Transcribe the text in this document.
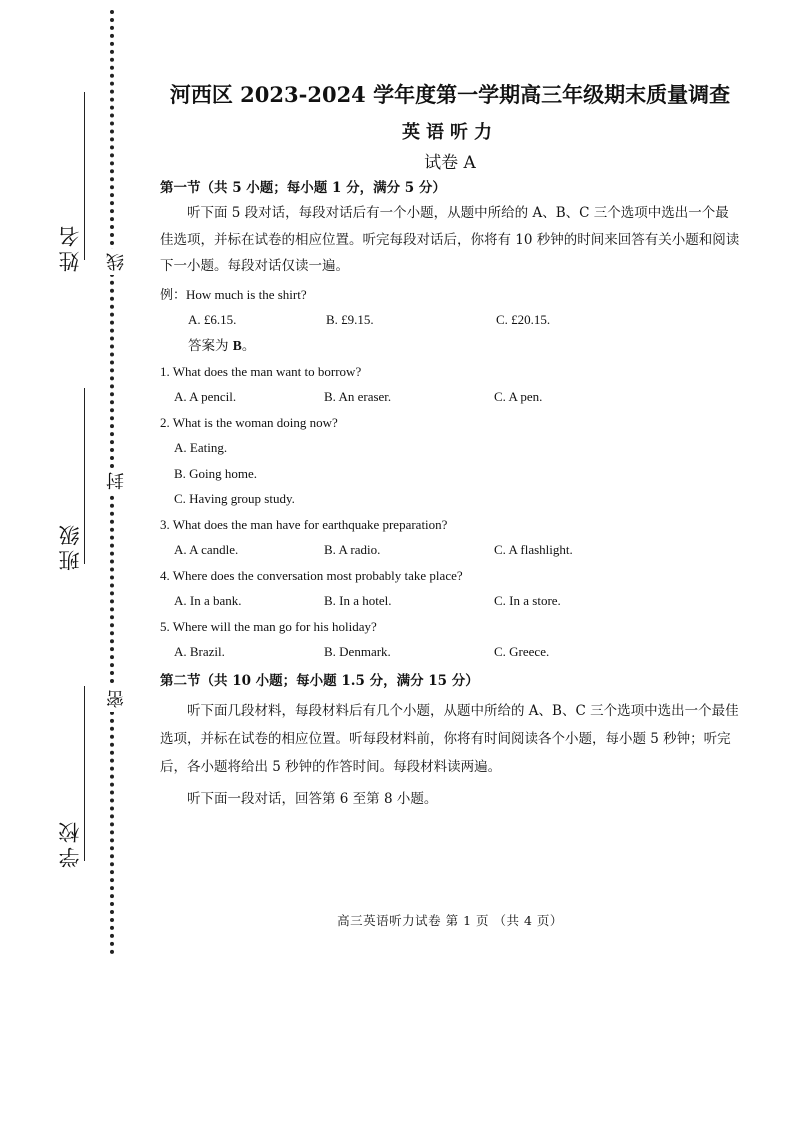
姓名
班级
学校
线
封
密
河西区 2023-2024 学年度第一学期高三年级期末质量调查
英语听力
试卷 A
第一节（共 5 小题；每小题 1 分，满分 5 分）

听下面 5 段对话，每段对话后有一个小题，从题中所给的 A、B、C 三个选项中选出一个最佳选项，并标在试卷的相应位置。听完每段对话后，你将有 10 秒钟的时间来回答有关小题和阅读下一小题。每段对话仅读一遍。

例：How much is the shirt?
A. £6.15.	B. £9.15.	C. £20.15.
答案为 B。
1. What does the man want to borrow?
A. A pencil.	B. An eraser.	C. A pen.
2. What is the woman doing now?
A. Eating.
B. Going home.
C. Having group study.
3. What does the man have for earthquake preparation?
A. A candle.	B. A radio.	C. A flashlight.
4. Where does the conversation most probably take place?
A. In a bank.	B. In a hotel.	C. In a store.
5. Where will the man go for his holiday?
A. Brazil.	B. Denmark.	C. Greece.
第二节（共 10 小题；每小题 1.5 分，满分 15 分）

听下面几段材料，每段材料后有几个小题，从题中所给的 A、B、C 三个选项中选出一个最佳选项，并标在试卷的相应位置。听每段材料前，你将有时间阅读各个小题，每小题 5 秒钟；听完后，各小题将给出 5 秒钟的作答时间。每段材料读两遍。

听下面一段对话，回答第 6 至第 8 小题。

高三英语听力试卷 第 1 页 （共 4 页）
